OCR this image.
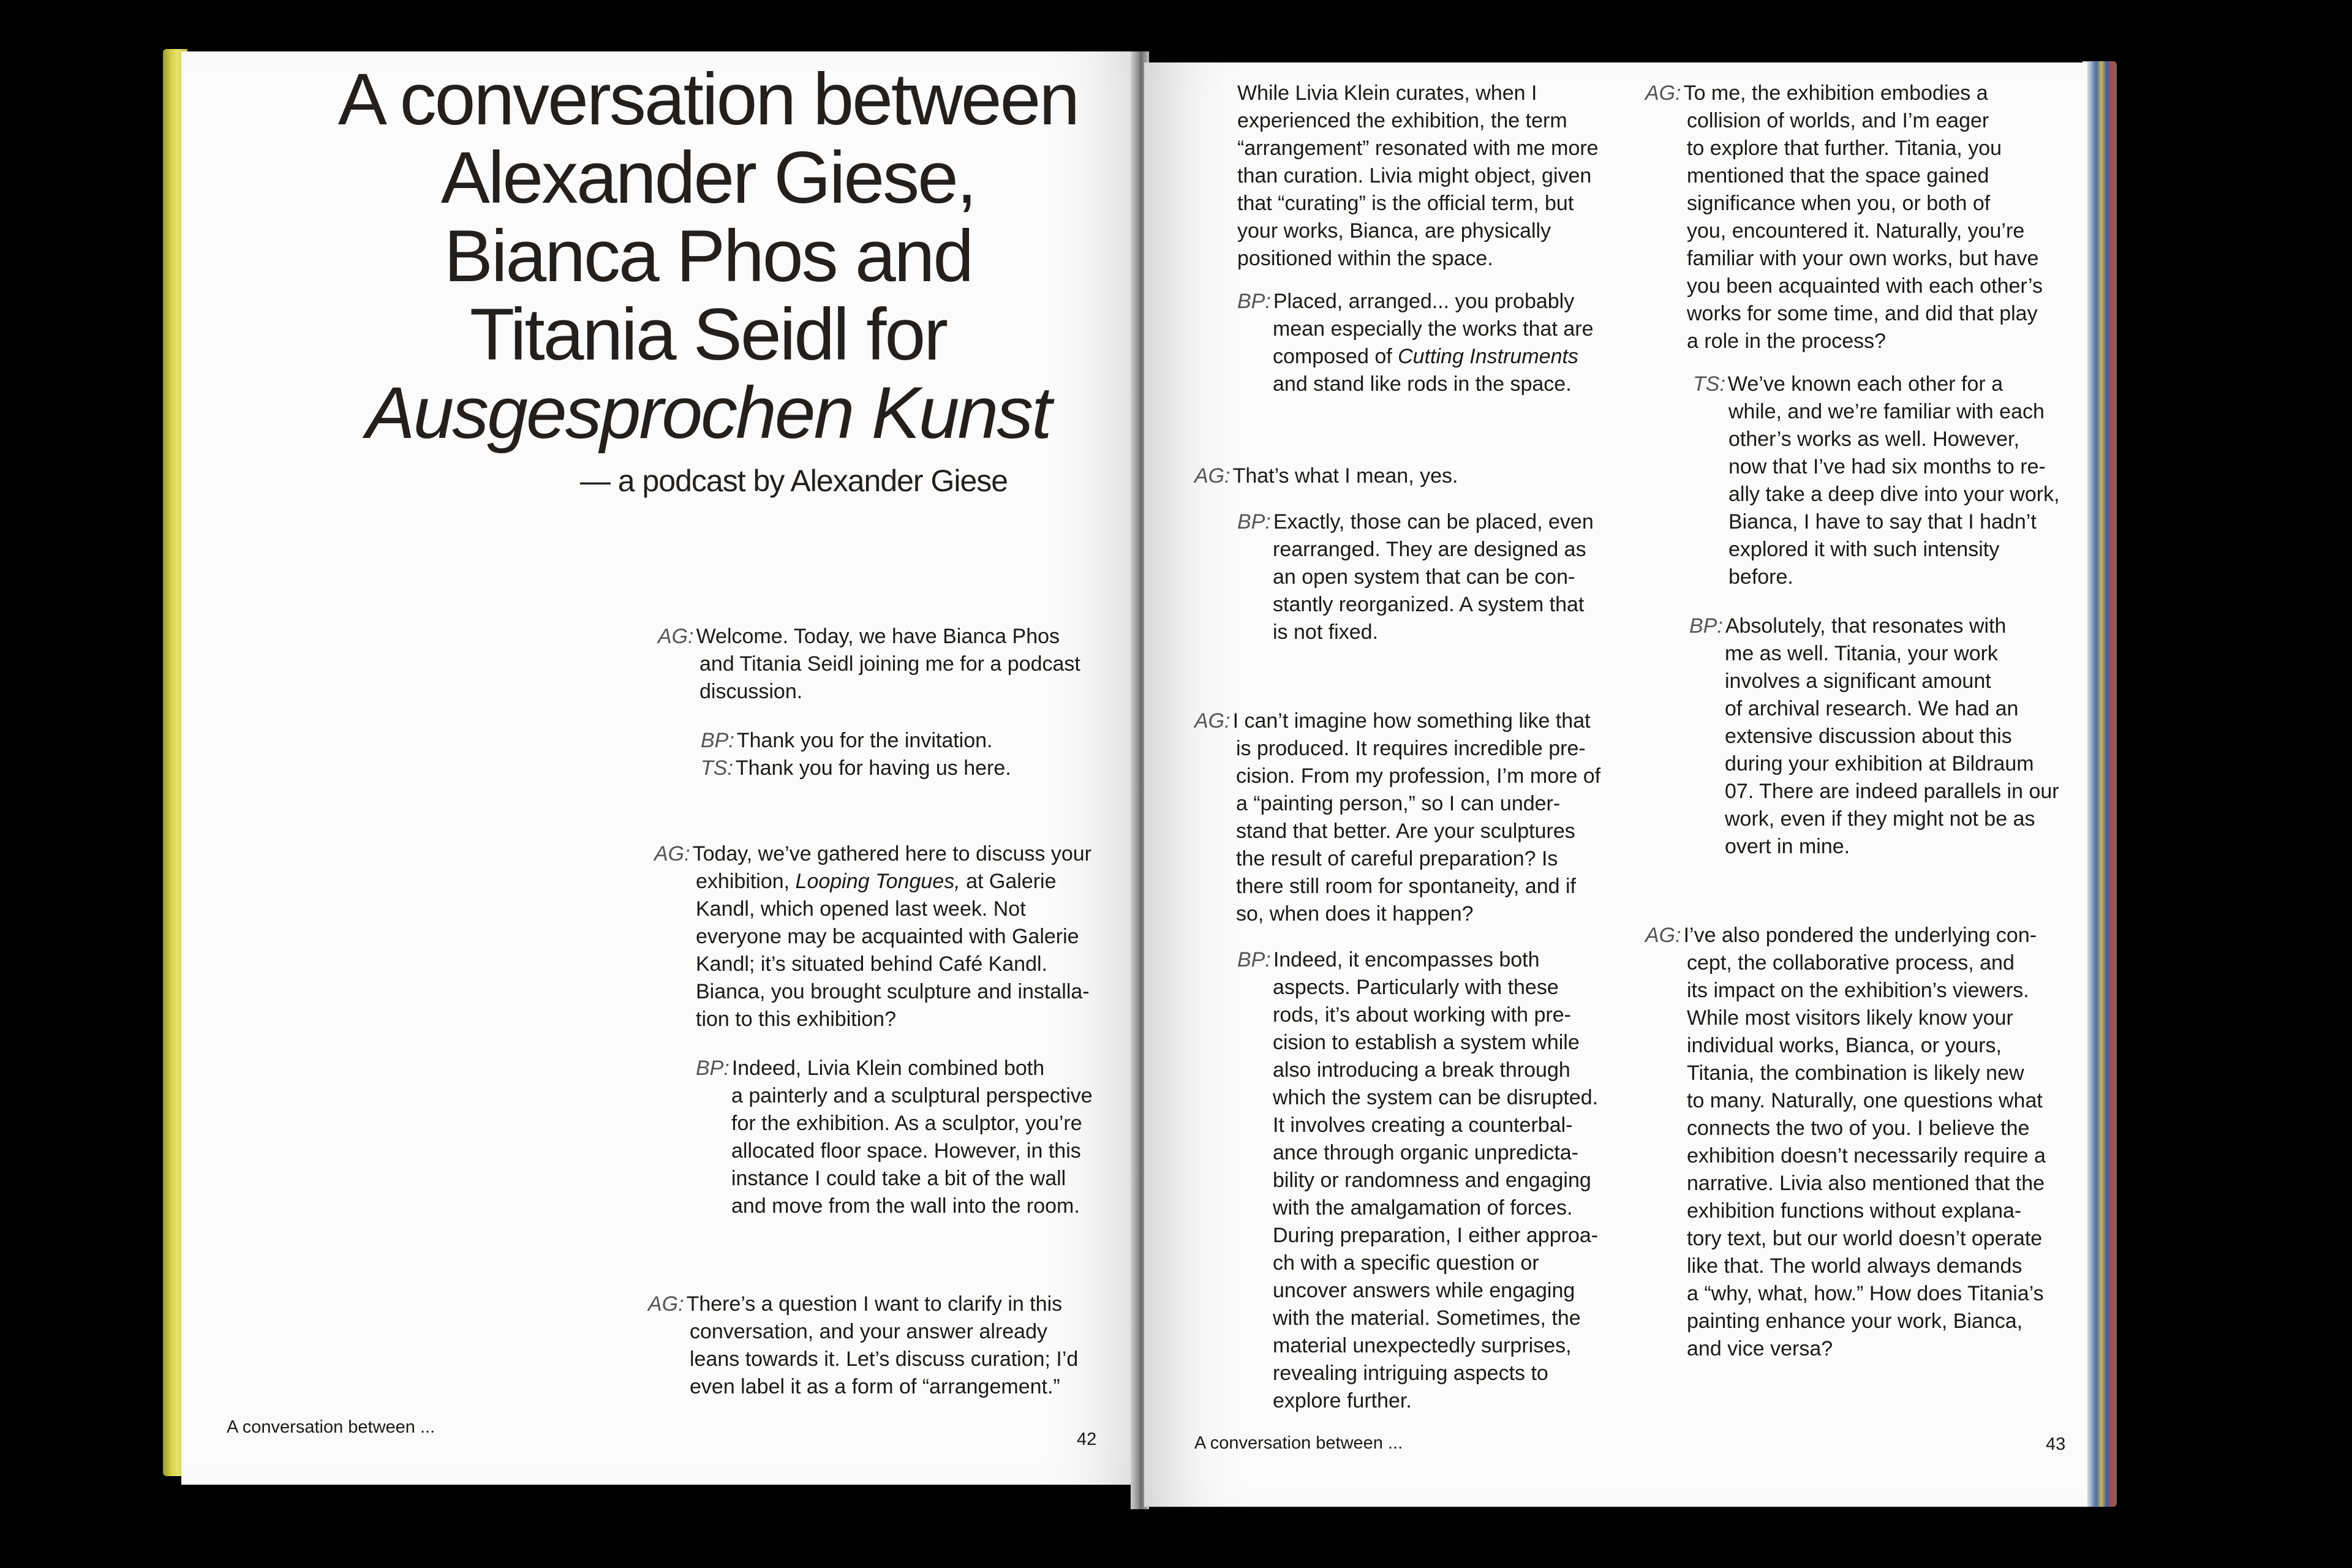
A conversation between
Alexander Giese,
Bianca Phos and
Titania Seidl for
Ausgesprochen Kunst
— a podcast by Alexander Giese
AG: Welcome. Today, we have Bianca Phos
and Titania Seidl joining me for a podcast
discussion.
BP: Thank you for the invitation.
TS: Thank you for having us here.
AG: Today, we’ve gathered here to discuss your
exhibition, Looping Tongues, at Galerie
Kandl, which opened last week. Not
everyone may be acquainted with Galerie
Kandl; it’s situated behind Café Kandl.
Bianca, you brought sculpture and installa-
tion to this exhibition?
BP: Indeed, Livia Klein combined both
a painterly and a sculptural perspective
for the exhibition. As a sculptor, you’re
allocated floor space. However, in this
instance I could take a bit of the wall
and move from the wall into the room.
AG: There’s a question I want to clarify in this
conversation, and your answer already
leans towards it. Let’s discuss curation; I’d
even label it as a form of “arrangement.”
A conversation between ...
42
While Livia Klein curates, when I
experienced the exhibition, the term
“arrangement” resonated with me more
than curation. Livia might object, given
that “curating” is the official term, but
your works, Bianca, are physically
positioned within the space.
BP: Placed, arranged... you probably
mean especially the works that are
composed of Cutting Instruments
and stand like rods in the space.
AG: That’s what I mean, yes.
BP: Exactly, those can be placed, even
rearranged. They are designed as
an open system that can be con-
stantly reorganized. A system that
is not fixed.
AG: I can’t imagine how something like that
is produced. It requires incredible pre-
cision. From my profession, I’m more of
a “painting person,” so I can under-
stand that better. Are your sculptures
the result of careful preparation? Is
there still room for spontaneity, and if
so, when does it happen?
BP: Indeed, it encompasses both
aspects. Particularly with these
rods, it’s about working with pre-
cision to establish a system while
also introducing a break through
which the system can be disrupted.
It involves creating a counterbal-
ance through organic unpredicta-
bility or randomness and engaging
with the amalgamation of forces.
During preparation, I either approa-
ch with a specific question or
uncover answers while engaging
with the material. Sometimes, the
material unexpectedly surprises,
revealing intriguing aspects to
explore further.
AG: To me, the exhibition embodies a
collision of worlds, and I’m eager
to explore that further. Titania, you
mentioned that the space gained
significance when you, or both of
you, encountered it. Naturally, you’re
familiar with your own works, but have
you been acquainted with each other’s
works for some time, and did that play
a role in the process?
TS: We’ve known each other for a
while, and we’re familiar with each
other’s works as well. However,
now that I’ve had six months to re-
ally take a deep dive into your work,
Bianca, I have to say that I hadn’t
explored it with such intensity
before.
BP: Absolutely, that resonates with
me as well. Titania, your work
involves a significant amount
of archival research. We had an
extensive discussion about this
during your exhibition at Bildraum
07. There are indeed parallels in our
work, even if they might not be as
overt in mine.
AG: I’ve also pondered the underlying con-
cept, the collaborative process, and
its impact on the exhibition’s viewers.
While most visitors likely know your
individual works, Bianca, or yours,
Titania, the combination is likely new
to many. Naturally, one questions what
connects the two of you. I believe the
exhibition doesn’t necessarily require a
narrative. Livia also mentioned that the
exhibition functions without explana-
tory text, but our world doesn’t operate
like that. The world always demands
a “why, what, how.” How does Titania’s
painting enhance your work, Bianca,
and vice versa?
A conversation between ...	43
